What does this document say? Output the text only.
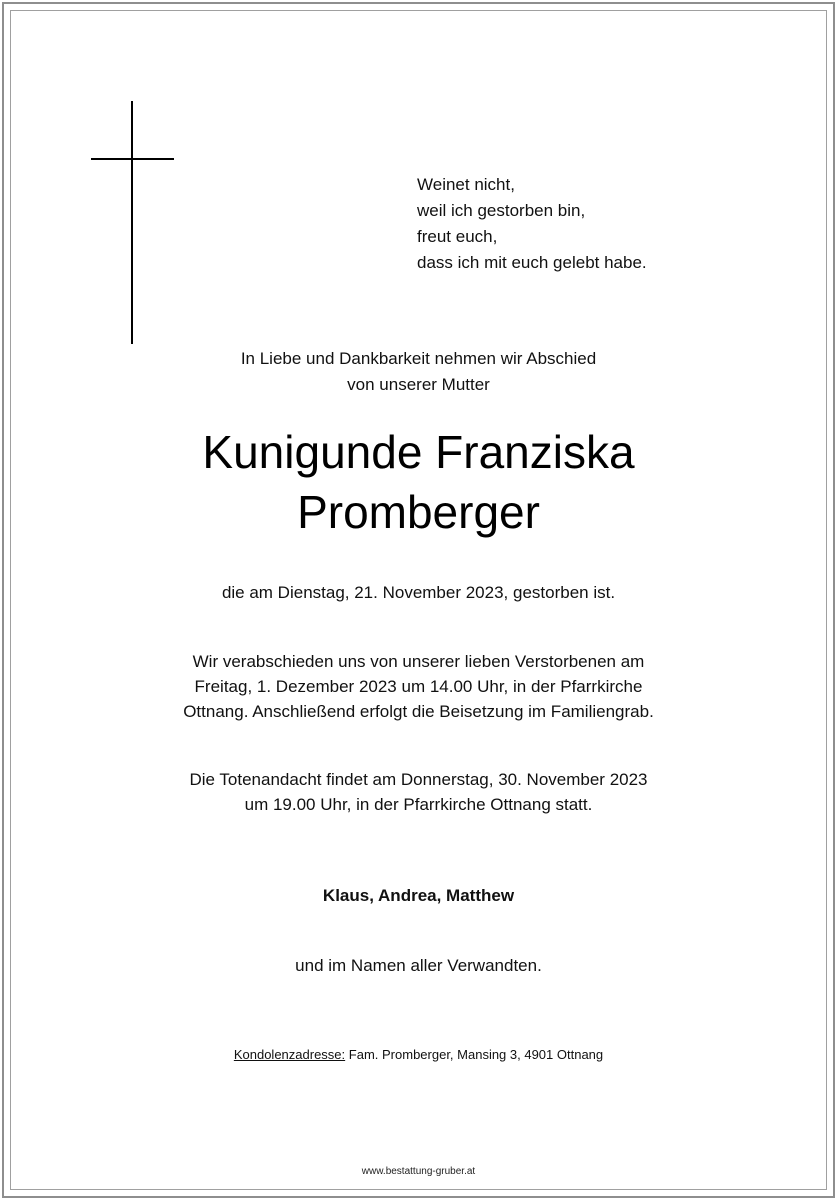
Weinet nicht,
weil ich gestorben bin,
freut euch,
dass ich mit euch gelebt habe.
In Liebe und Dankbarkeit nehmen wir Abschied
von unserer Mutter
Kunigunde Franziska
Promberger
die am Dienstag, 21. November 2023, gestorben ist.
Wir verabschieden uns von unserer lieben Verstorbenen am
Freitag, 1. Dezember 2023 um 14.00 Uhr, in der Pfarrkirche
Ottnang. Anschließend erfolgt die Beisetzung im Familiengrab.
Die Totenandacht findet am Donnerstag, 30. November 2023
um 19.00 Uhr, in der Pfarrkirche Ottnang statt.
Klaus, Andrea, Matthew
und im Namen aller Verwandten.
Kondolenzadresse: Fam. Promberger, Mansing 3, 4901 Ottnang
www.bestattung-gruber.at
